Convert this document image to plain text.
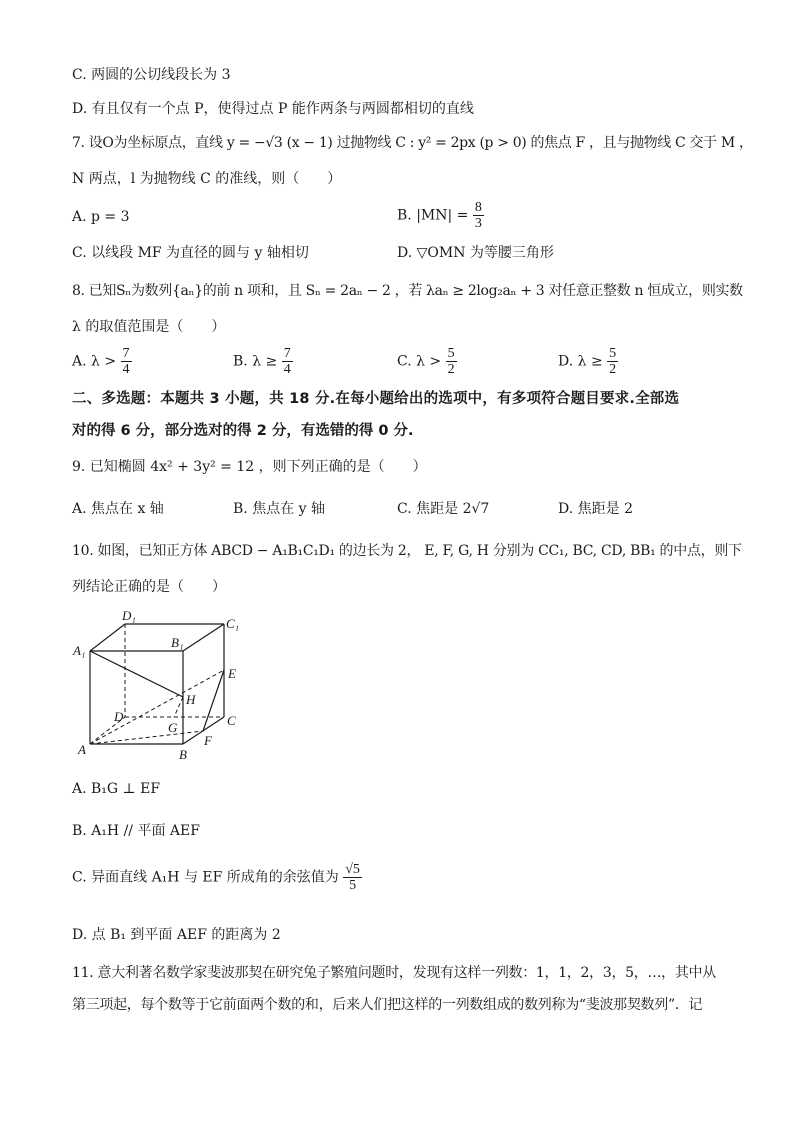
C. 两圆的公切线段长为 3
D. 有且仅有一个点 P，使得过点 P 能作两条与两圆都相切的直线
7. 设O为坐标原点，直线 y = −√3 (x − 1) 过抛物线 C : y² = 2px (p > 0) 的焦点 F ，且与抛物线 C 交于 M ，
N 两点，l 为抛物线 C 的准线，则（　　）
A. p = 3	B. $|MN| = \frac{8}{3}$
C. 以线段 MF 为直径的圆与 y 轴相切	D. ▽OMN 为等腰三角形
8. 已知Sₙ为数列{aₙ}的前 n 项和，且 Sₙ = 2aₙ − 2 ，若 λaₙ ≥ 2log₂aₙ + 3 对任意正整数 n 恒成立，则实数
λ 的取值范围是（　　）
A. $\lambda > \frac{7}{4}$	B. $\lambda \ge \frac{7}{4}$	C. $\lambda > \frac{5}{2}$	D. $\lambda \ge \frac{5}{2}$
二、多选题：本题共 3 小题，共 18 分.在每小题给出的选项中，有多项符合题目要求.全部选
对的得 6 分，部分选对的得 2 分，有选错的得 0 分.
9. 已知椭圆 4x² + 3y² = 12 ，则下列正确的是（　　）
A. 焦点在 x 轴	B. 焦点在 y 轴	C. 焦距是 2√7	D. 焦距是 2
10. 如图，已知正方体 ABCD − A₁B₁C₁D₁ 的边长为 2， E, F, G, H 分别为 CC₁, BC, CD, BB₁ 的中点，则下
列结论正确的是（　　）
D₁
C₁
A₁
B₁
E
H
D
G	C
A
F
B
A. B₁G ⊥ EF
B. A₁H // 平面 AEF
C. 异面直线 A₁H 与 EF 所成角的余弦值为 $\frac{√5}{5}$
D. 点 B₁ 到平面 AEF 的距离为 2
11. 意大利著名数学家斐波那契在研究兔子繁殖问题时，发现有这样一列数：1，1，2，3，5，…，其中从
第三项起，每个数等于它前面两个数的和，后来人们把这样的一列数组成的数列称为“斐波那契数列”．记
